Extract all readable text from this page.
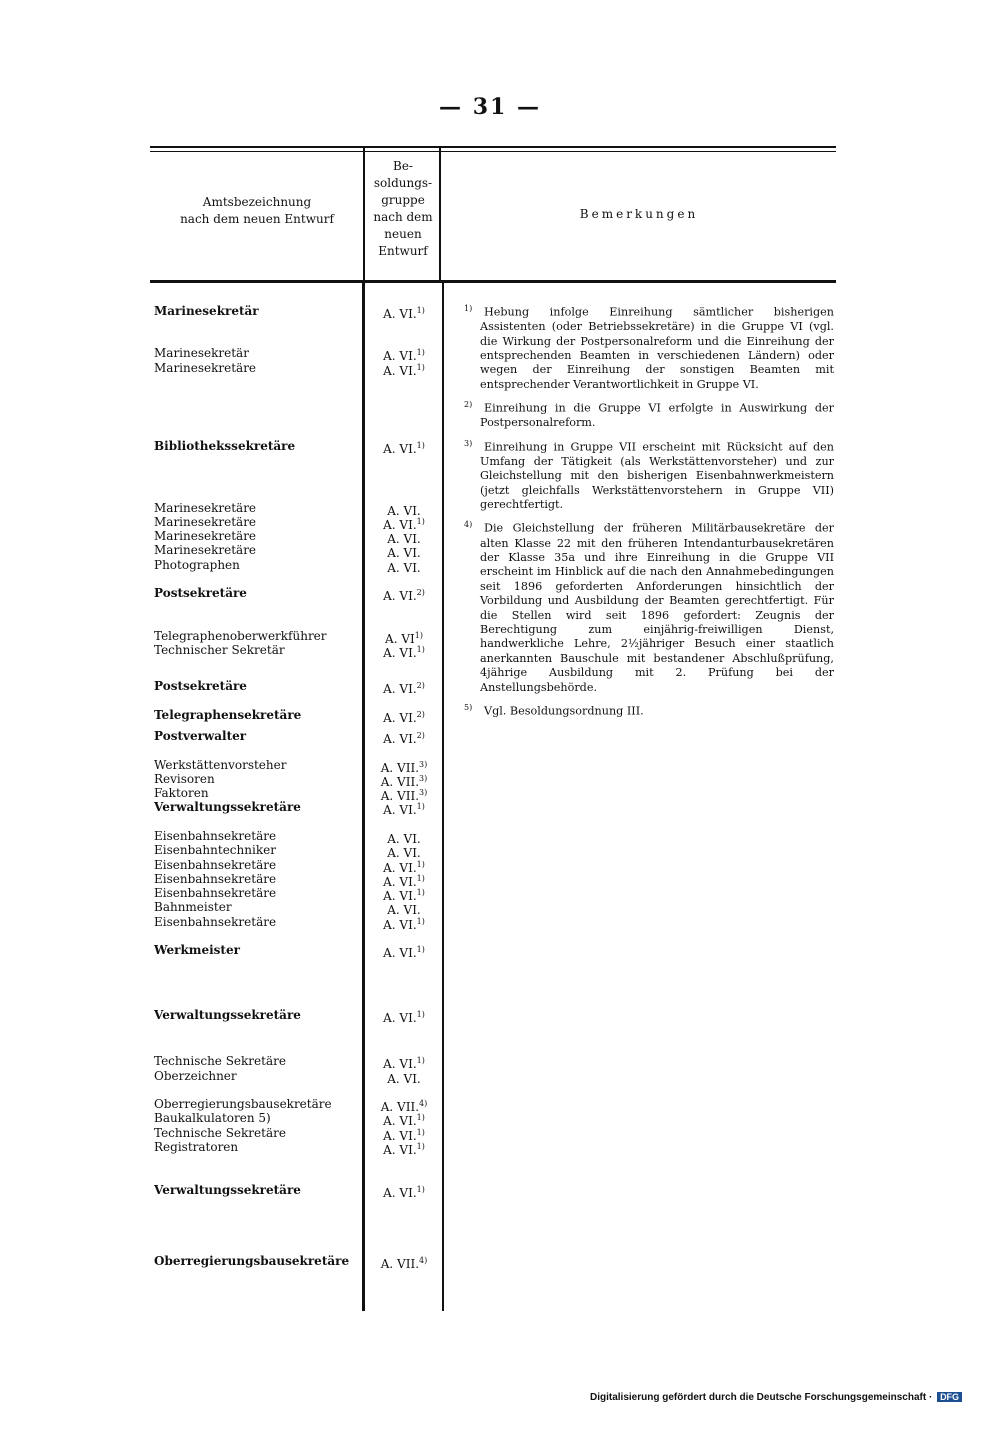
— 31 —
Amtsbezeichnung
nach dem neuen Entwurf
Be-
soldungs-
gruppe
nach dem
neuen
Entwurf
Bemerkungen
Marinesekretär	A. VI.$^{1)}$
Marinesekretär	A. VI.$^{1)}$
Marinesekretäre	A. VI.$^{1)}$
Bibliothekssekretäre	A. VI.$^{1)}$
Marinesekretäre	A. VI.
Marinesekretäre	A. VI.$^{1)}$
Marinesekretäre	A. VI.
Marinesekretäre	A. VI.
Photographen	A. VI.
Postsekretäre	A. VI.$^{2)}$
Telegraphenoberwerkführer	A. VI$^{1)}$
Technischer Sekretär	A. VI.$^{1)}$
Postsekretäre	A. VI.$^{2)}$
Telegraphensekretäre	A. VI.$^{2)}$
Postverwalter	A. VI.$^{2)}$
Werkstättenvorsteher	A. VII.$^{3)}$
Revisoren	A. VII.$^{3)}$
Faktoren	A. VII.$^{3)}$
Verwaltungssekretäre	A. VI.$^{1)}$
Eisenbahnsekretäre	A. VI.
Eisenbahntechniker	A. VI.
Eisenbahnsekretäre	A. VI.$^{1)}$
Eisenbahnsekretäre	A. VI.$^{1)}$
Eisenbahnsekretäre	A. VI.$^{1)}$
Bahnmeister	A. VI.
Eisenbahnsekretäre	A. VI.$^{1)}$
Werkmeister	A. VI.$^{1)}$
Verwaltungssekretäre	A. VI.$^{1)}$
Technische Sekretäre	A. VI.$^{1)}$
Oberzeichner	A. VI.
Oberregierungsbausekretäre	A. VII.$^{4)}$
Baukalkulatoren 5)	A. VI.$^{1)}$
Technische Sekretäre	A. VI.$^{1)}$
Registratoren	A. VI.$^{1)}$
Verwaltungssekretäre	A. VI.$^{1)}$
Oberregierungsbausekretäre	A. VII.$^{4)}$
$^{1)}$ Hebung infolge Einreihung sämtlicher bisherigen Assistenten (oder Betriebssekretäre) in die Gruppe VI (vgl. die Wirkung der Postpersonalreform und die Einreihung der entsprechenden Beamten in verschiedenen Ländern) oder wegen der Einreihung der sonstigen Beamten mit entsprechender Verantwortlichkeit in Gruppe VI.
$^{2)}$ Einreihung in die Gruppe VI erfolgte in Auswirkung der Postpersonalreform.
$^{3)}$ Einreihung in Gruppe VII erscheint mit Rücksicht auf den Umfang der Tätigkeit (als Werkstättenvorsteher) und zur Gleichstellung mit den bisherigen Eisenbahnwerkmeistern (jetzt gleichfalls Werkstättenvorstehern in Gruppe VII) gerechtfertigt.
$^{4)}$ Die Gleichstellung der früheren Militärbausekretäre der alten Klasse 22 mit den früheren Intendanturbausekretären der Klasse 35a und ihre Einreihung in die Gruppe VII erscheint im Hinblick auf die nach den Annahmebedingungen seit 1896 geforderten Anforderungen hinsichtlich der Vorbildung und Ausbildung der Beamten gerechtfertigt. Für die Stellen wird seit 1896 gefordert: Zeugnis der Berechtigung zum einjährig-freiwilligen Dienst, handwerkliche Lehre, 2½jähriger Besuch einer staatlich anerkannten Bauschule mit bestandener Abschlußprüfung, 4jährige Ausbildung mit 2. Prüfung bei der Anstellungsbehörde.
$^{5)}$ Vgl. Besoldungsordnung III.
Digitalisierung gefördert durch die Deutsche Forschungsgemeinschaft · DFG
